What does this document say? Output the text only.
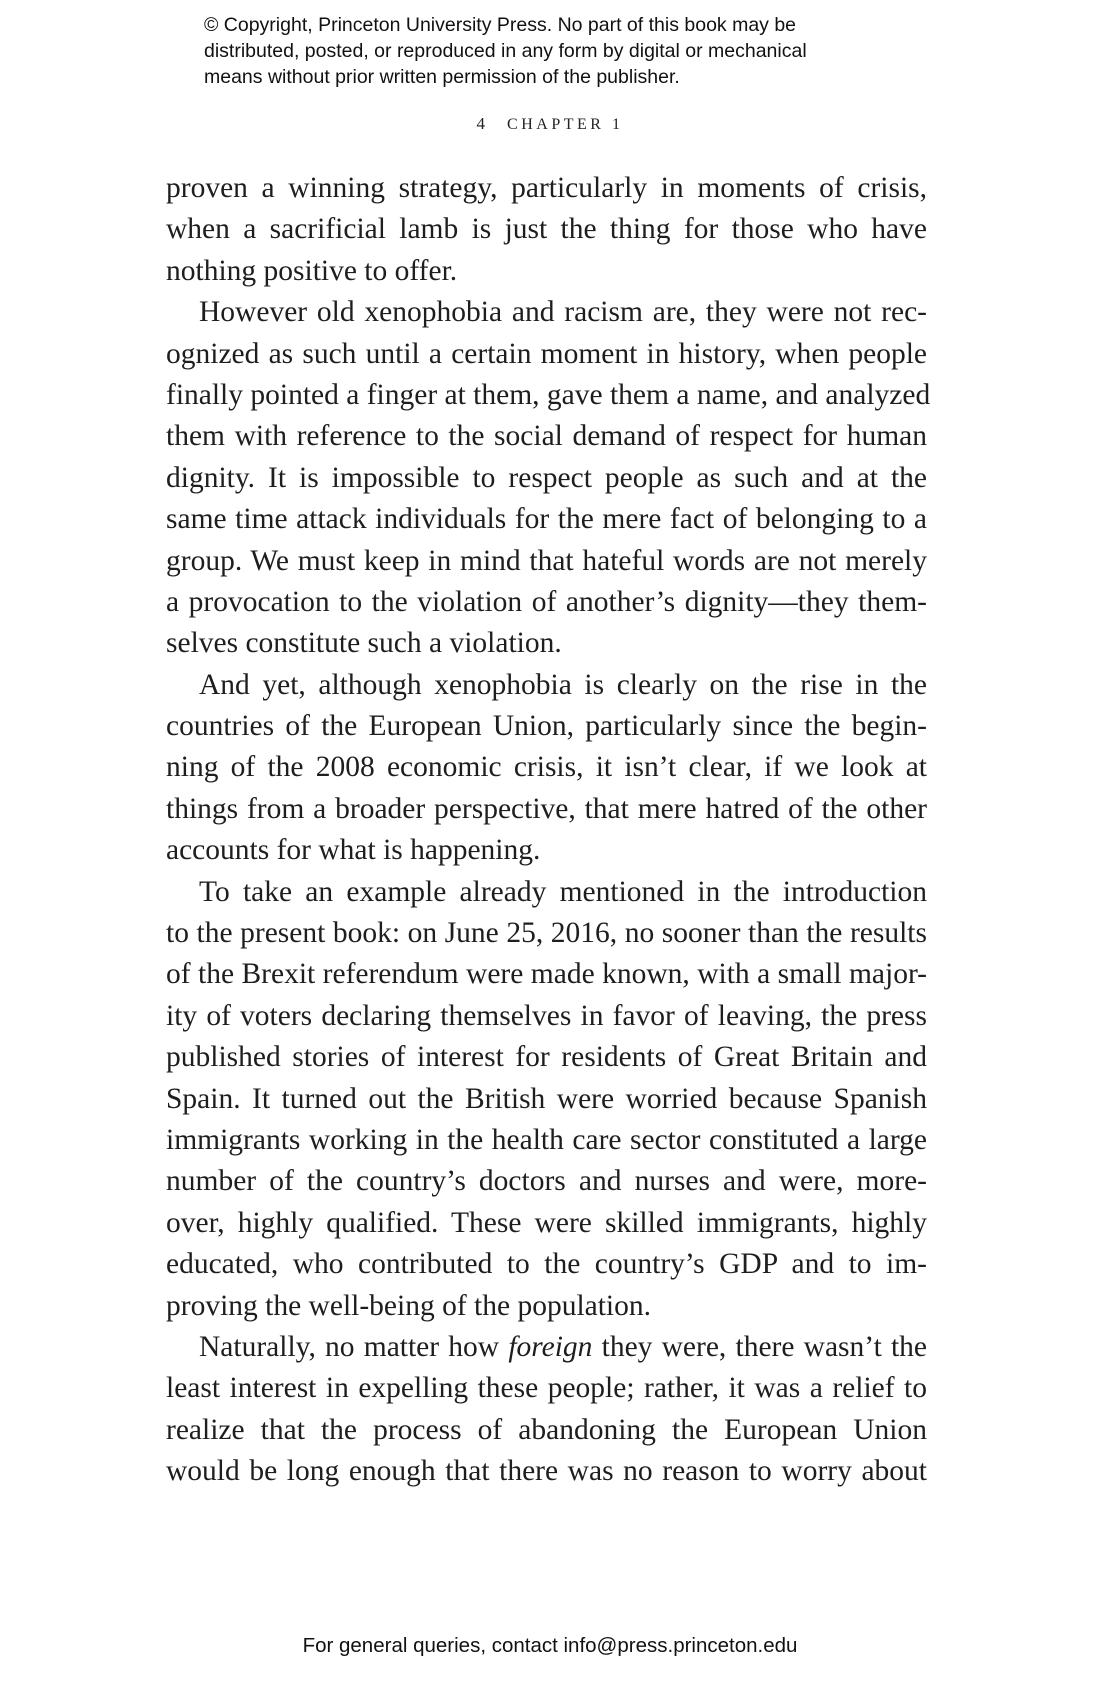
© Copyright, Princeton University Press. No part of this book may be
distributed, posted, or reproduced in any form by digital or mechanical
means without prior written permission of the publisher.
4 CHAPTER 1
proven a winning strategy, particularly in moments of crisis,
when a sacrificial lamb is just the thing for those who have
nothing positive to offer.
However old xenophobia and racism are, they were not rec-
ognized as such until a certain moment in history, when people
finally pointed a finger at them, gave them a name, and analyzed
them with reference to the social demand of respect for human
dignity. It is impossible to respect people as such and at the
same time attack individuals for the mere fact of belonging to a
group. We must keep in mind that hateful words are not merely
a provocation to the violation of another’s dignity—they them-
selves constitute such a violation.
And yet, although xenophobia is clearly on the rise in the
countries of the European Union, particularly since the begin-
ning of the 2008 economic crisis, it isn’t clear, if we look at
things from a broader perspective, that mere hatred of the other
accounts for what is happening.
To take an example already mentioned in the introduction
to the present book: on June 25, 2016, no sooner than the results
of the Brexit referendum were made known, with a small major-
ity of voters declaring themselves in favor of leaving, the press
published stories of interest for residents of Great Britain and
Spain. It turned out the British were worried because Spanish
immigrants working in the health care sector constituted a large
number of the country’s doctors and nurses and were, more-
over, highly qualified. These were skilled immigrants, highly
educated, who contributed to the country’s GDP and to im-
proving the well-being of the population.
Naturally, no matter how foreign they were, there wasn’t the
least interest in expelling these people; rather, it was a relief to
realize that the process of abandoning the European Union
would be long enough that there was no reason to worry about
For general queries, contact info@press.princeton.edu
